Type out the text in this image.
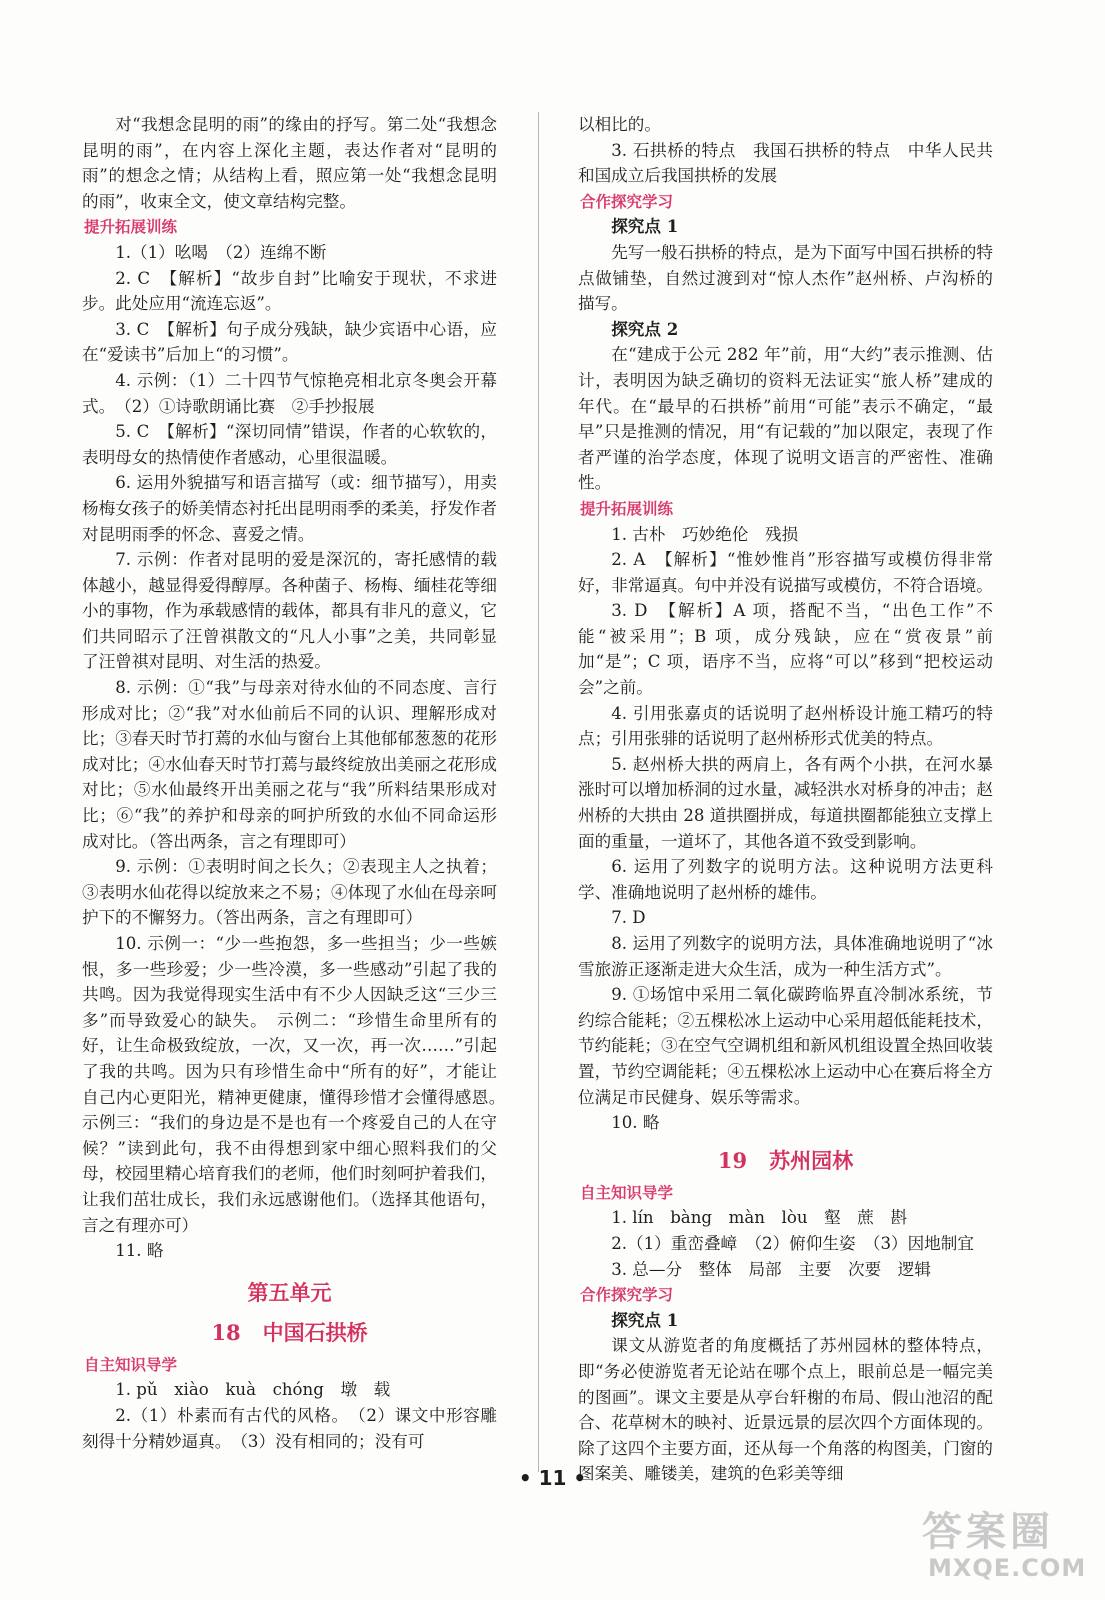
对“我想念昆明的雨”的缘由的抒写。第二处“我想念昆明的雨”，在内容上深化主题，表达作者对“昆明的雨”的想念之情；从结构上看，照应第一处“我想念昆明的雨”，收束全文，使文章结构完整。

提升拓展训练

1.（1）吆喝　（2）连绵不断

2. C　【解析】“故步自封”比喻安于现状，不求进步。此处应用“流连忘返”。

3. C　【解析】句子成分残缺，缺少宾语中心语，应在“爱读书”后加上“的习惯”。

4. 示例：（1）二十四节气惊艳亮相北京冬奥会开幕式。　（2）①诗歌朗诵比赛　②手抄报展

5. C　【解析】“深切同情”错误，作者的心软软的，表明母女的热情使作者感动，心里很温暖。

6. 运用外貌描写和语言描写（或：细节描写），用卖杨梅女孩子的娇美情态衬托出昆明雨季的柔美，抒发作者对昆明雨季的怀念、喜爱之情。

7. 示例：作者对昆明的爱是深沉的，寄托感情的载体越小，越显得爱得醇厚。各种菌子、杨梅、缅桂花等细小的事物，作为承载感情的载体，都具有非凡的意义，它们共同昭示了汪曾祺散文的“凡人小事”之美，共同彰显了汪曾祺对昆明、对生活的热爱。

8. 示例：①“我”与母亲对待水仙的不同态度、言行形成对比；②“我”对水仙前后不同的认识、理解形成对比；③春天时节打蔫的水仙与窗台上其他郁郁葱葱的花形成对比；④水仙春天时节打蔫与最终绽放出美丽之花形成对比；⑤水仙最终开出美丽之花与“我”所料结果形成对比；⑥“我”的养护和母亲的呵护所致的水仙不同命运形成对比。（答出两条，言之有理即可）

9. 示例：①表明时间之长久；②表现主人之执着；③表明水仙花得以绽放来之不易；④体现了水仙在母亲呵护下的不懈努力。（答出两条，言之有理即可）

10. 示例一：“少一些抱怨，多一些担当；少一些嫉恨，多一些珍爱；少一些冷漠，多一些感动”引起了我的共鸣。因为我觉得现实生活中有不少人因缺乏这“三少三多”而导致爱心的缺失。　示例二：“珍惜生命里所有的好，让生命极致绽放，一次，又一次，再一次……”引起了我的共鸣。因为只有珍惜生命中“所有的好”，才能让自己内心更阳光，精神更健康，懂得珍惜才会懂得感恩。　示例三：“我们的身边是不是也有一个疼爱自己的人在守候？”读到此句，我不由得想到家中细心照料我们的父母，校园里精心培育我们的老师，他们时刻呵护着我们，让我们茁壮成长，我们永远感谢他们。（选择其他语句，言之有理亦可）

11. 略

第五单元
18 中国石拱桥
自主知识导学

1. pǔ　xiào　kuà　chóng　墩　载

2.（1）朴素而有古代的风格。　（2）课文中形容雕刻得十分精妙逼真。　（3）没有相同的；没有可

以相比的。

3. 石拱桥的特点　我国石拱桥的特点　中华人民共和国成立后我国拱桥的发展

合作探究学习

探究点 1

先写一般石拱桥的特点，是为下面写中国石拱桥的特点做铺垫，自然过渡到对“惊人杰作”赵州桥、卢沟桥的描写。

探究点 2

在“建成于公元 282 年”前，用“大约”表示推测、估计，表明因为缺乏确切的资料无法证实“旅人桥”建成的年代。在“最早的石拱桥”前用“可能”表示不确定，“最早”只是推测的情况，用“有记载的”加以限定，表现了作者严谨的治学态度，体现了说明文语言的严密性、准确性。

提升拓展训练

1. 古朴　巧妙绝伦　残损

2. A　【解析】“惟妙惟肖”形容描写或模仿得非常好，非常逼真。句中并没有说描写或模仿，不符合语境。

3. D　【解析】A 项，搭配不当，“出色工作”不能“被采用”；B 项，成分残缺，应在“赏夜景”前加“是”；C 项，语序不当，应将“可以”移到“把校运动会”之前。

4. 引用张嘉贞的话说明了赵州桥设计施工精巧的特点；引用张𬴂的话说明了赵州桥形式优美的特点。

5. 赵州桥大拱的两肩上，各有两个小拱，在河水暴涨时可以增加桥洞的过水量，减轻洪水对桥身的冲击；赵州桥的大拱由 28 道拱圈拼成，每道拱圈都能独立支撑上面的重量，一道坏了，其他各道不致受到影响。

6. 运用了列数字的说明方法。这种说明方法更科学、准确地说明了赵州桥的雄伟。

7. D

8. 运用了列数字的说明方法，具体准确地说明了“冰雪旅游正逐渐走进大众生活，成为一种生活方式”。

9. ①场馆中采用二氧化碳跨临界直冷制冰系统，节约综合能耗；②五棵松冰上运动中心采用超低能耗技术，节约能耗；③在空气空调机组和新风机组设置全热回收装置，节约空调能耗；④五棵松冰上运动中心在赛后将全方位满足市民健身、娱乐等需求。

10. 略

19 苏州园林
自主知识导学

1. lín　bàng　màn　lòu　壑　蔗　斟

2.（1）重峦叠嶂　（2）俯仰生姿　（3）因地制宜

3. 总—分　整体　局部　主要　次要　逻辑

合作探究学习

探究点 1

课文从游览者的角度概括了苏州园林的整体特点，即“务必使游览者无论站在哪个点上，眼前总是一幅完美的图画”。课文主要是从亭台轩榭的布局、假山池沼的配合、花草树木的映衬、近景远景的层次四个方面体现的。除了这四个主要方面，还从每一个角落的构图美，门窗的图案美、雕镂美，建筑的色彩美等细

• 11 •
答案圈
MXQE.COM
